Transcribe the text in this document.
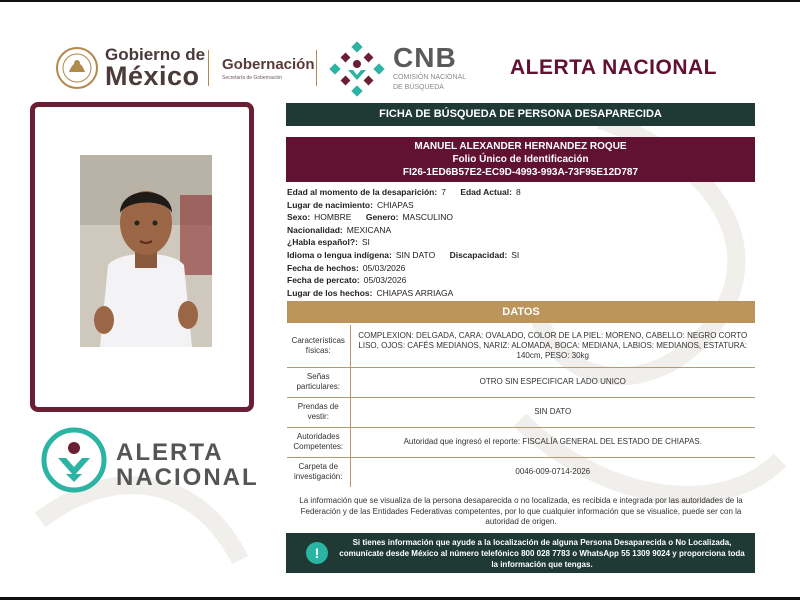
Gobierno de
México	Gobernación
Secretaría de Gobernación
CNB
COMISIÓN NACIONAL
DE BÚSQUEDA
ALERTA NACIONAL
ALERTA
NACIONAL
FICHA DE BÚSQUEDA DE PERSONA DESAPARECIDA
MANUEL ALEXANDER HERNANDEZ ROQUE
Folio Único de Identificación
FI26-1ED6B57E2-EC9D-4993-993A-73F95E12D787
Edad al momento de la desaparición: 7 Edad Actual: 8
Lugar de nacimiento: CHIAPAS
Sexo: HOMBRE Genero: MASCULINO
Nacionalidad: MEXICANA
¿Habla español?: SI
Idioma o lengua indígena: SIN DATO Discapacidad: SI
Fecha de hechos: 05/03/2026
Fecha de percato: 05/03/2026
Lugar de los hechos: CHIAPAS ARRIAGA
DATOS
Características físicas:	COMPLEXION: DELGADA, CARA: OVALADO, COLOR DE LA PIEL: MORENO, CABELLO: NEGRO CORTO LISO, OJOS: CAFÉS MEDIANOS, NARIZ: ALOMADA, BOCA: MEDIANA, LABIOS: MEDIANOS, ESTATURA: 140cm, PESO: 30kg
Señas particulares:	OTRO SIN ESPECIFICAR LADO UNICO
Prendas de vestir:	SIN DATO
Autoridades Competentes:	Autoridad que ingresó el reporte: FISCALÍA GENERAL DEL ESTADO DE CHIAPAS.
Carpeta de investigación:	0046-009-0714-2026
La información que se visualiza de la persona desaparecida o no localizada, es recibida e integrada por las autoridades de la Federación y de las Entidades Federativas competentes, por lo que cualquier información que se visualice, puede ser con la autoridad de origen.
!
Si tienes información que ayude a la localización de alguna Persona Desaparecida o No Localizada, comunícate desde México al número telefónico 800 028 7783 o WhatsApp 55 1309 9024 y proporciona toda la información que tengas.
